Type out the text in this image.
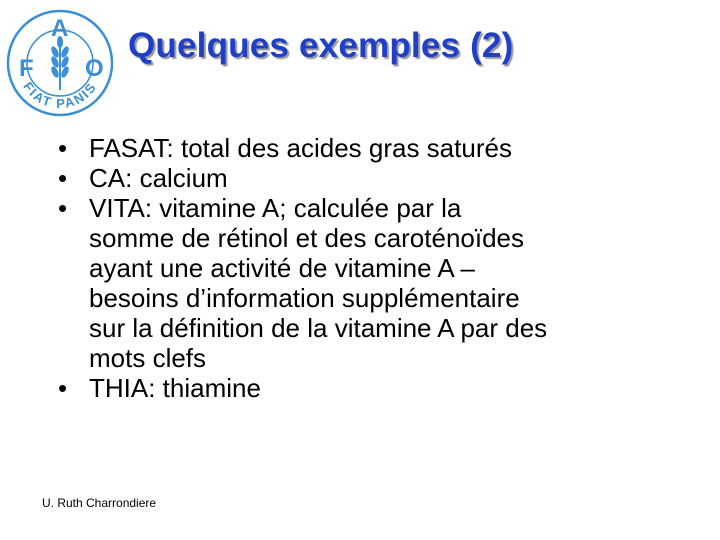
F
A
O
FIAT PANIS
Quelques exemples (2)
• FASAT: total des acides gras saturés
• CA: calcium
• VITA: vitamine A; calculée par la
somme de rétinol et des caroténoïdes
ayant une activité de vitamine A –
besoins d’information supplémentaire
sur la définition de la vitamine A par des
mots clefs
• THIA: thiamine
U. Ruth Charrondiere
